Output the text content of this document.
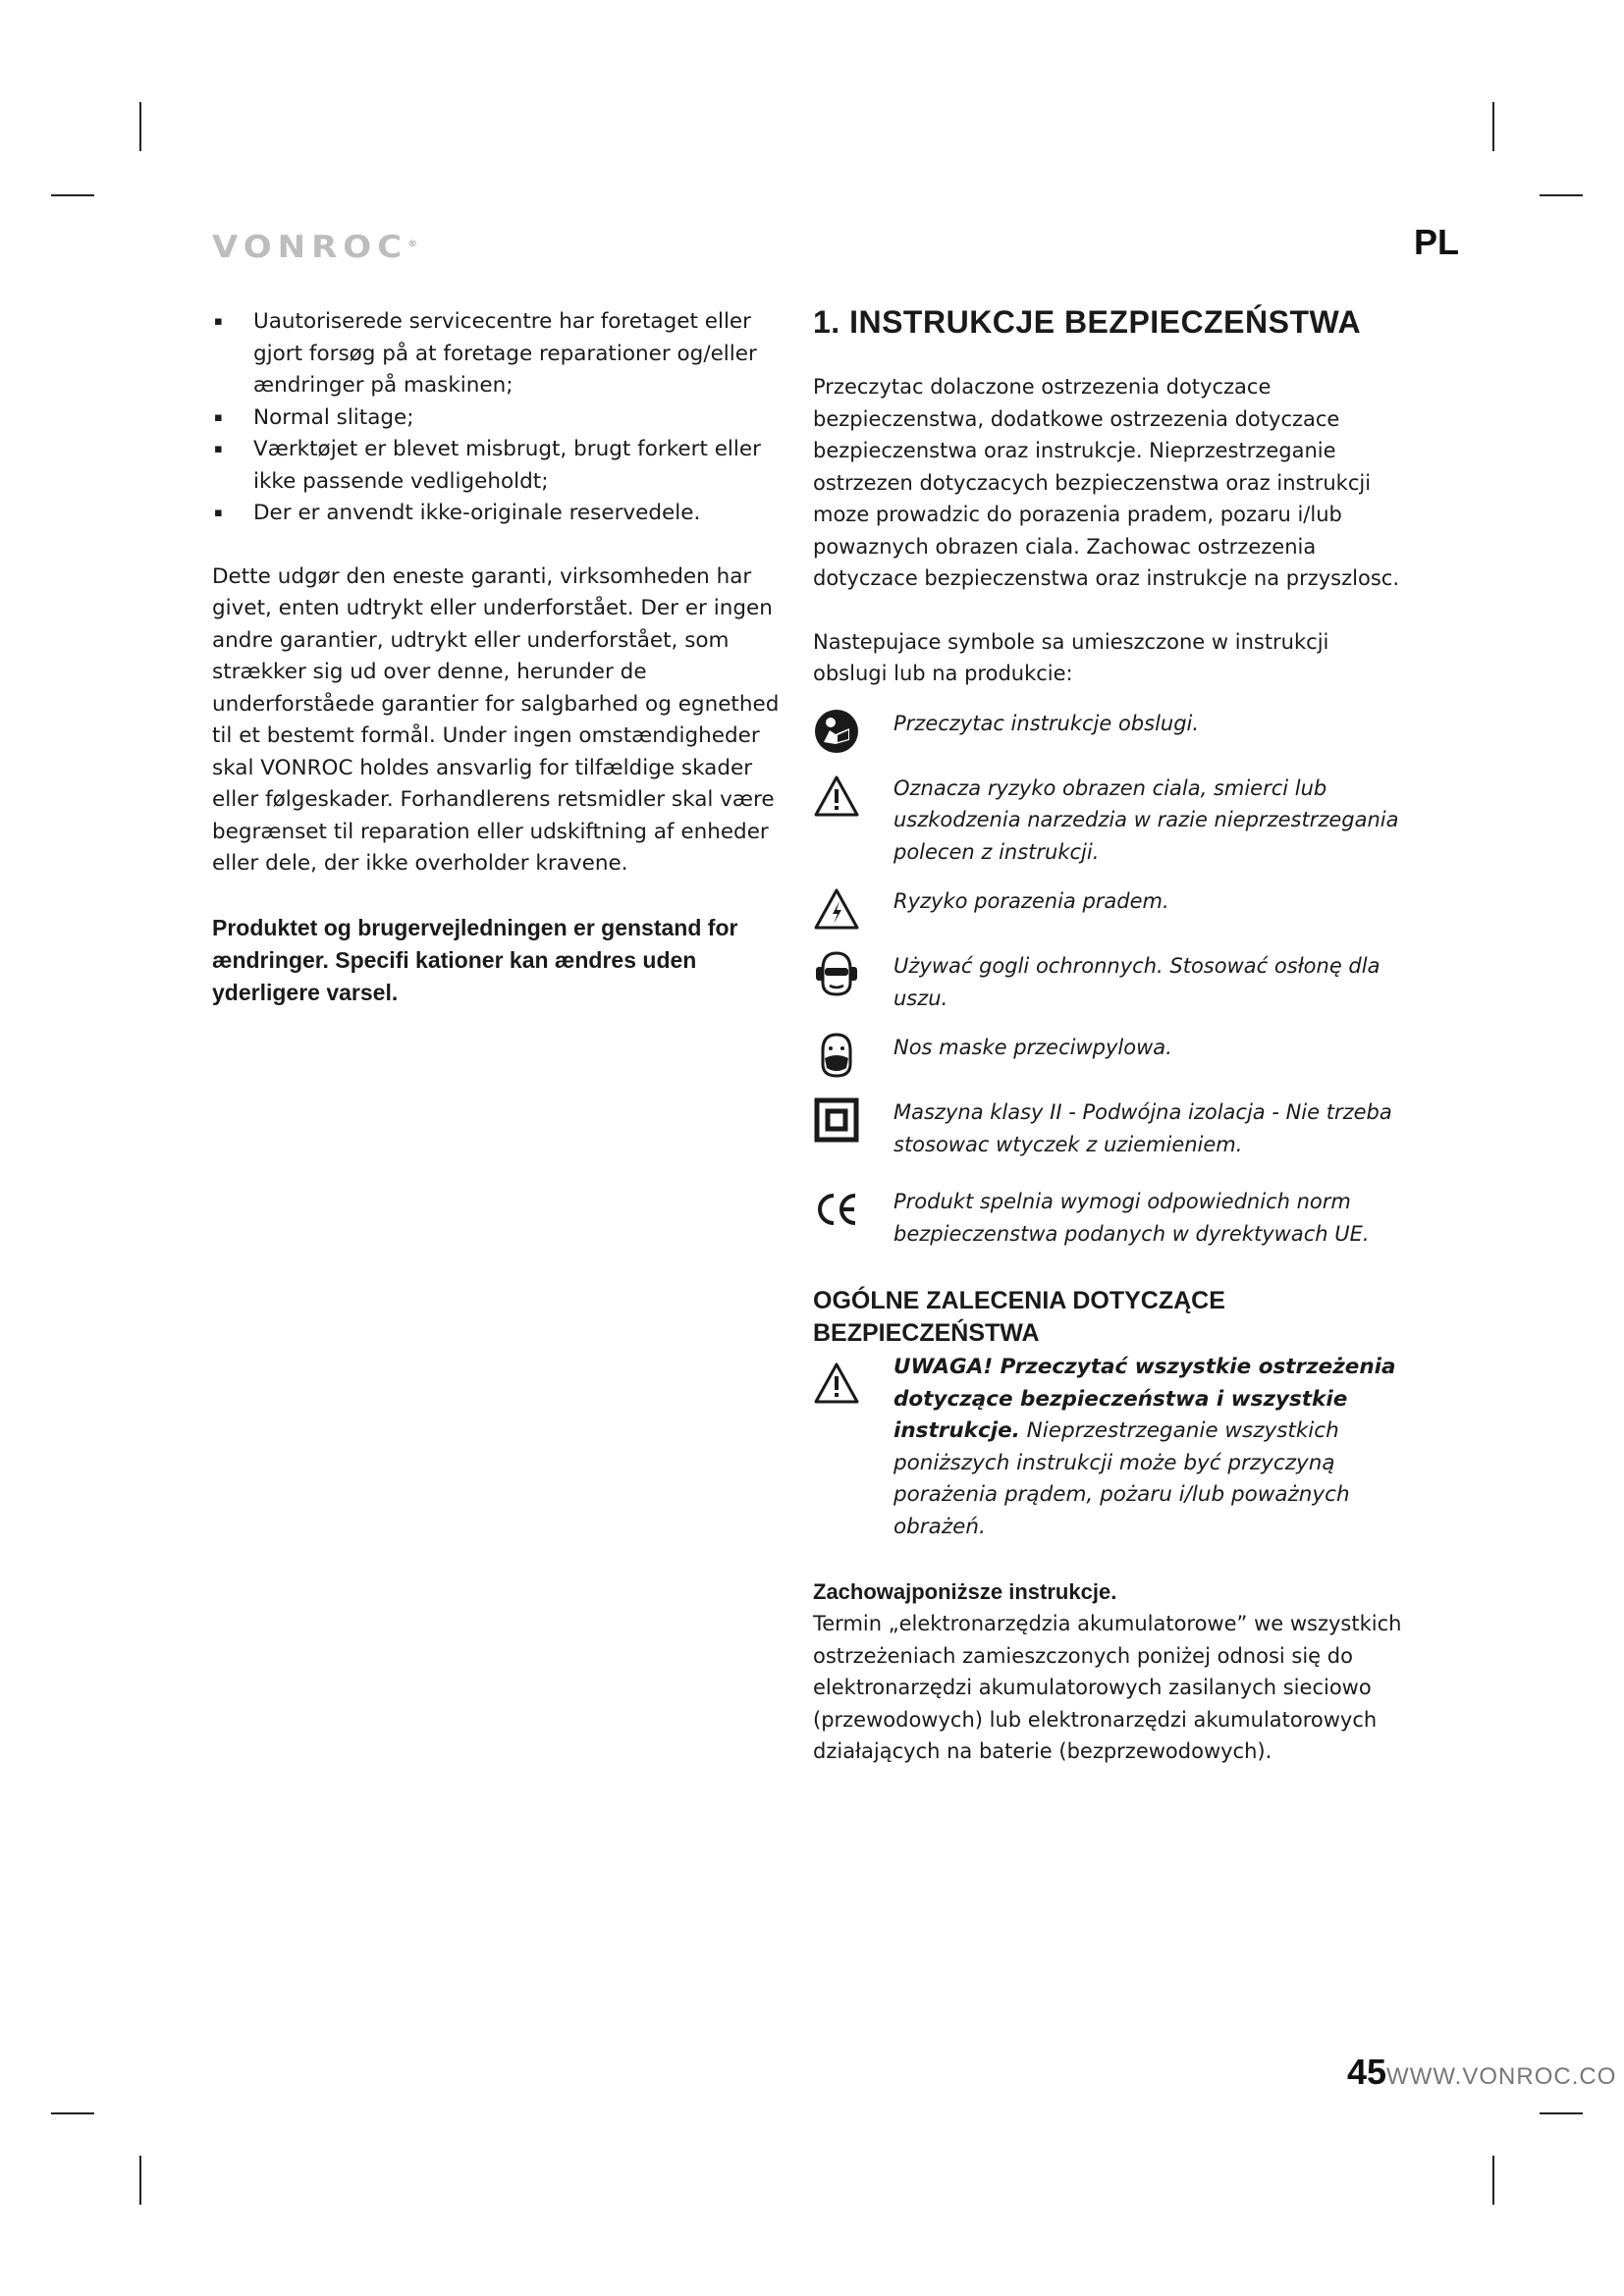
VONROC®	PL
▪ Uautoriserede servicecentre har foretaget eller gjort forsøg på at foretage reparationer og/eller ændringer på maskinen;
▪ Normal slitage;
▪ Værktøjet er blevet misbrugt, brugt forkert eller ikke passende vedligeholdt;
▪ Der er anvendt ikke-originale reservedele.

Dette udgør den eneste garanti, virksomheden har givet, enten udtrykt eller underforstået. Der er ingen andre garantier, udtrykt eller underforstået, som strækker sig ud over denne, herunder de underforståede garantier for salgbarhed og egnethed til et bestemt formål. Under ingen omstændigheder skal VONROC holdes ansvarlig for tilfældige skader eller følgeskader. Forhandlerens retsmidler skal være begrænset til reparation eller udskiftning af enheder eller dele, der ikke overholder kravene.

Produktet og brugervejledningen er genstand for ændringer. Specifi kationer kan ændres uden yderligere varsel.
1. INSTRUKCJE BEZPIECZEŃSTWA

Przeczytac dolaczone ostrzezenia dotyczace bezpieczenstwa, dodatkowe ostrzezenia dotyczace bezpieczenstwa oraz instrukcje. Nieprzestrzeganie ostrzezen dotyczacych bezpieczenstwa oraz instrukcji moze prowadzic do porazenia pradem, pozaru i/lub powaznych obrazen ciala. Zachowac ostrzezenia dotyczace bezpieczenstwa oraz instrukcje na przyszlosc.

Nastepujace symbole sa umieszczone w instrukcji obslugi lub na produkcie:

Przeczytac instrukcje obslugi.
Oznacza ryzyko obrazen ciala, smierci lub uszkodzenia narzedzia w razie nieprzestrzegania polecen z instrukcji.
Ryzyko porazenia pradem.
Używać gogli ochronnych. Stosować osłonę dla uszu.
Nos maske przeciwpylowa.
Maszyna klasy II - Podwójna izolacja - Nie trzeba stosowac wtyczek z uziemieniem.
Produkt spelnia wymogi odpowiednich norm bezpieczenstwa podanych w dyrektywach UE.
OGÓLNE ZALECENIA DOTYCZĄCE BEZPIECZEŃSTWA
UWAGA! Przeczytać wszystkie ostrzeżenia dotyczące bezpieczeństwa i wszystkie instrukcje. Nieprzestrzeganie wszystkich poniższych instrukcji może być przyczyną porażenia prądem, pożaru i/lub poważnych obrażeń.
Zachowajponiższe instrukcje.

Termin „elektronarzędzia akumulatorowe” we wszystkich ostrzeżeniach zamieszczonych poniżej odnosi się do elektronarzędzi akumulatorowych zasilanych sieciowo (przewodowych) lub elektronarzędzi akumulatorowych działających na baterie (bezprzewodowych).

45WWW.VONROC.CO
